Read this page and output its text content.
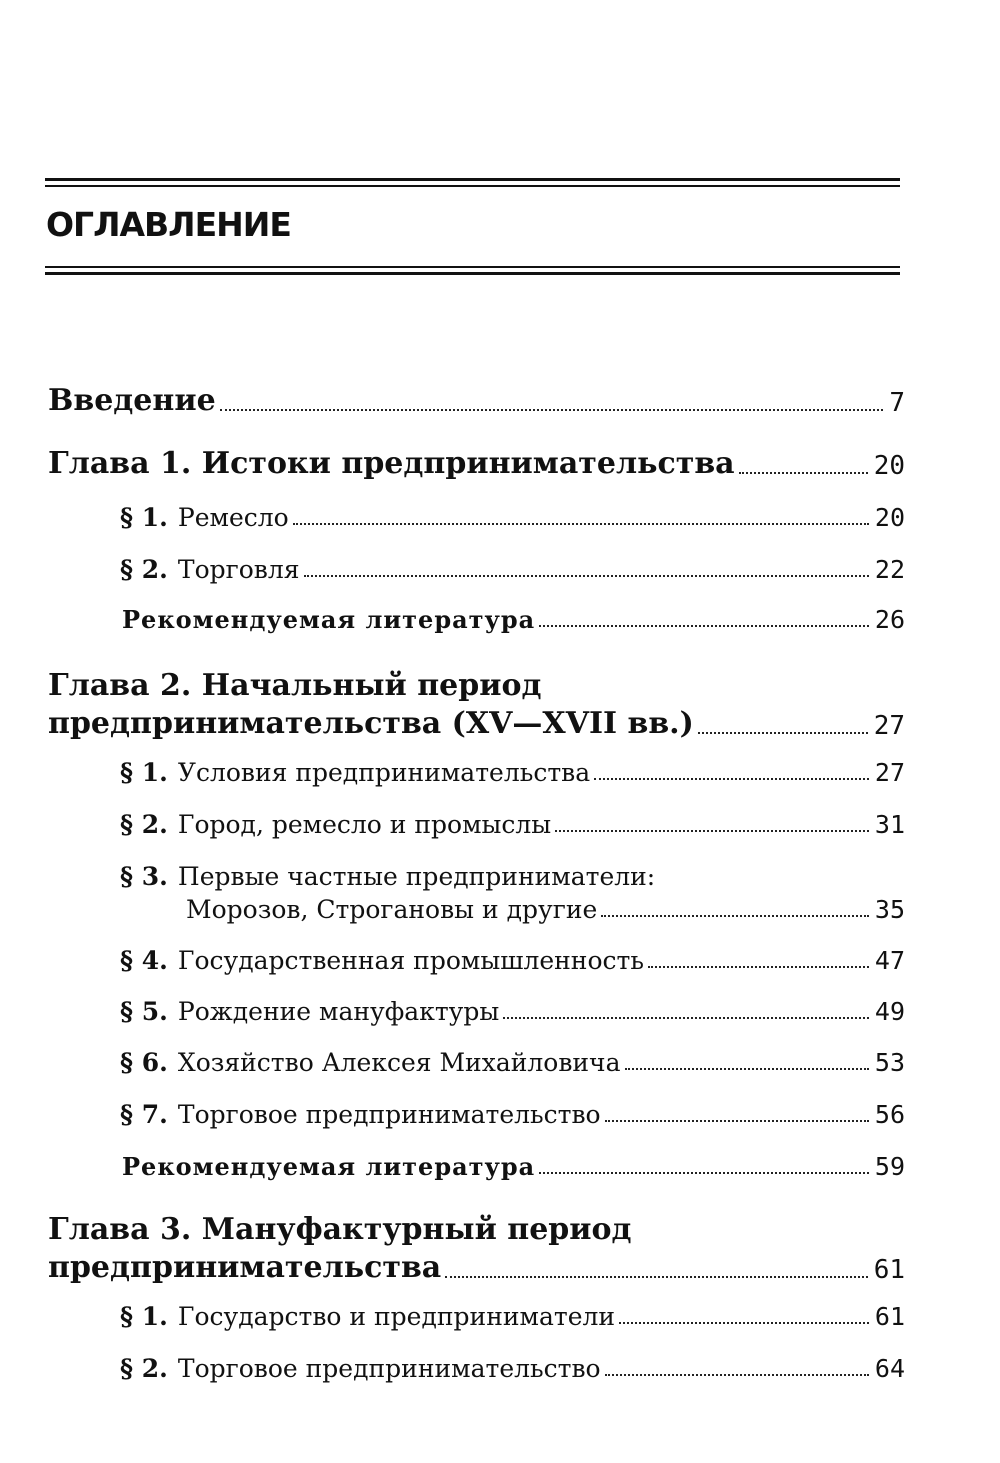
ОГЛАВЛЕНИЕ
Введение	7
Глава 1. Истоки предпринимательства	20
§ 1. Ремесло	20
§ 2. Торговля	22
Рекомендуемая литература	26
Глава 2. Начальный период
предпринимательства (XV—XVII вв.)	27
§ 1. Условия предпринимательства	27
§ 2. Город, ремесло и промыслы	31
§ 3. Первые частные предприниматели:
Морозов, Строгановы и другие	35
§ 4. Государственная промышленность	47
§ 5. Рождение мануфактуры	49
§ 6. Хозяйство Алексея Михайловича	53
§ 7. Торговое предпринимательство	56
Рекомендуемая литература	59
Глава 3. Мануфактурный период
предпринимательства	61
§ 1. Государство и предприниматели	61
§ 2. Торговое предпринимательство	64
